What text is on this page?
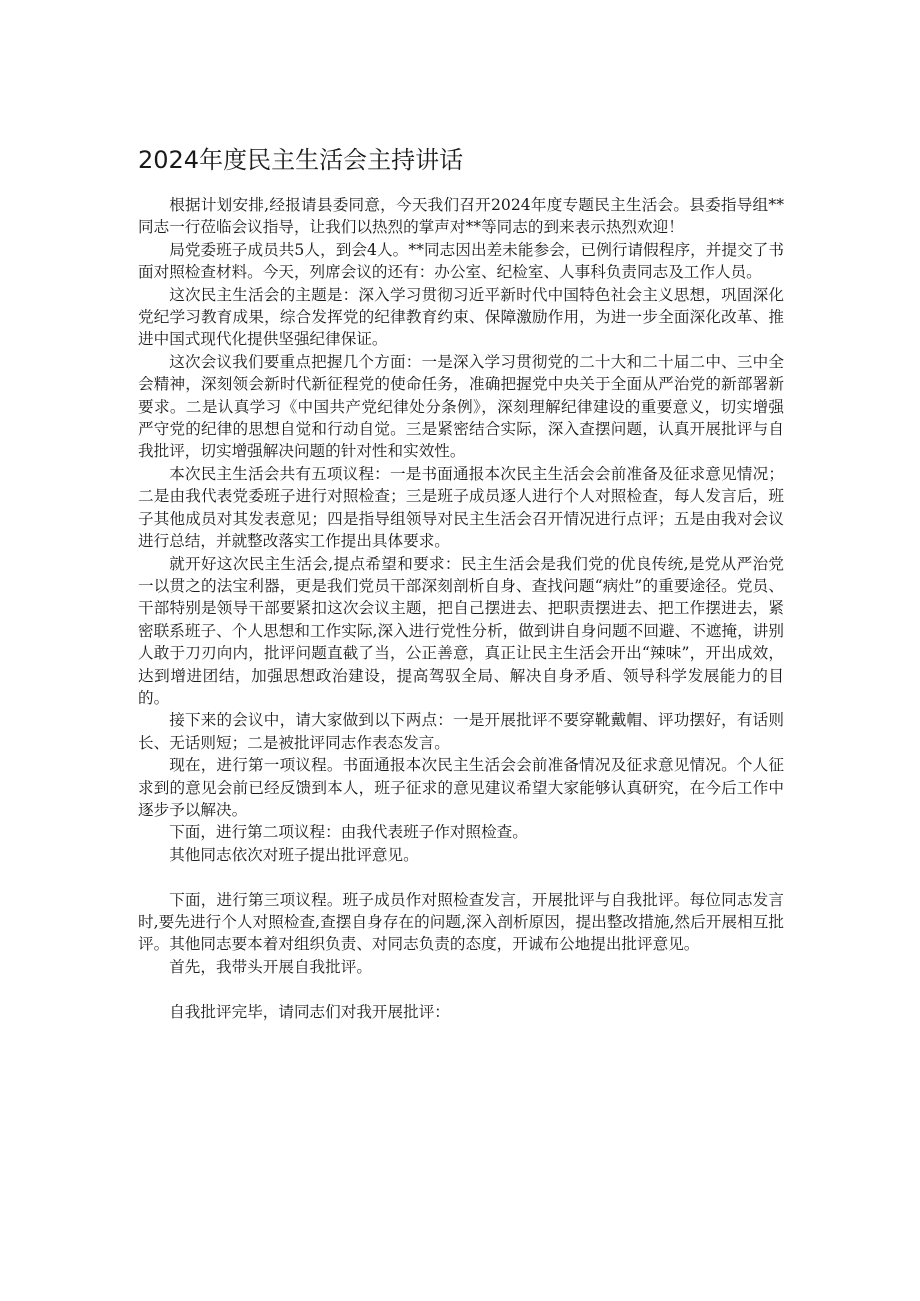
2024年度民主生活会主持讲话

根据计划安排,经报请县委同意，今天我们召开2024年度专题民主生活会。县委指导组**同志一行莅临会议指导，让我们以热烈的掌声对**等同志的到来表示热烈欢迎！

局党委班子成员共5人，到会4人。**同志因出差未能参会，已例行请假程序，并提交了书面对照检查材料。今天，列席会议的还有：办公室、纪检室、人事科负责同志及工作人员。

这次民主生活会的主题是：深入学习贯彻习近平新时代中国特色社会主义思想，巩固深化党纪学习教育成果，综合发挥党的纪律教育约束、保障激励作用，为进一步全面深化改革、推进中国式现代化提供坚强纪律保证。

这次会议我们要重点把握几个方面：一是深入学习贯彻党的二十大和二十届二中、三中全会精神，深刻领会新时代新征程党的使命任务，准确把握党中央关于全面从严治党的新部署新要求。二是认真学习《中国共产党纪律处分条例》，深刻理解纪律建设的重要意义，切实增强严守党的纪律的思想自觉和行动自觉。三是紧密结合实际，深入查摆问题，认真开展批评与自我批评，切实增强解决问题的针对性和实效性。

本次民主生活会共有五项议程：一是书面通报本次民主生活会会前准备及征求意见情况；二是由我代表党委班子进行对照检查；三是班子成员逐人进行个人对照检查，每人发言后，班子其他成员对其发表意见；四是指导组领导对民主生活会召开情况进行点评；五是由我对会议进行总结，并就整改落实工作提出具体要求。

就开好这次民主生活会,提点希望和要求：民主生活会是我们党的优良传统,是党从严治党一以贯之的法宝利器，更是我们党员干部深刻剖析自身、查找问题“病灶”的重要途径。党员、干部特别是领导干部要紧扣这次会议主题，把自己摆进去、把职责摆进去、把工作摆进去，紧密联系班子、个人思想和工作实际,深入进行党性分析，做到讲自身问题不回避、不遮掩，讲别人敢于刀刃向内，批评问题直截了当，公正善意，真正让民主生活会开出“辣味”，开出成效，达到增进团结，加强思想政治建设，提高驾驭全局、解决自身矛盾、领导科学发展能力的目的。

接下来的会议中，请大家做到以下两点：一是开展批评不要穿靴戴帽、评功摆好，有话则长、无话则短；二是被批评同志作表态发言。

现在，进行第一项议程。书面通报本次民主生活会会前准备情况及征求意见情况。个人征求到的意见会前已经反馈到本人，班子征求的意见建议希望大家能够认真研究，在今后工作中逐步予以解决。

下面，进行第二项议程：由我代表班子作对照检查。

其他同志依次对班子提出批评意见。

下面，进行第三项议程。班子成员作对照检查发言，开展批评与自我批评。每位同志发言时,要先进行个人对照检查,查摆自身存在的问题,深入剖析原因，提出整改措施,然后开展相互批评。其他同志要本着对组织负责、对同志负责的态度，开诚布公地提出批评意见。

首先，我带头开展自我批评。

自我批评完毕，请同志们对我开展批评：
